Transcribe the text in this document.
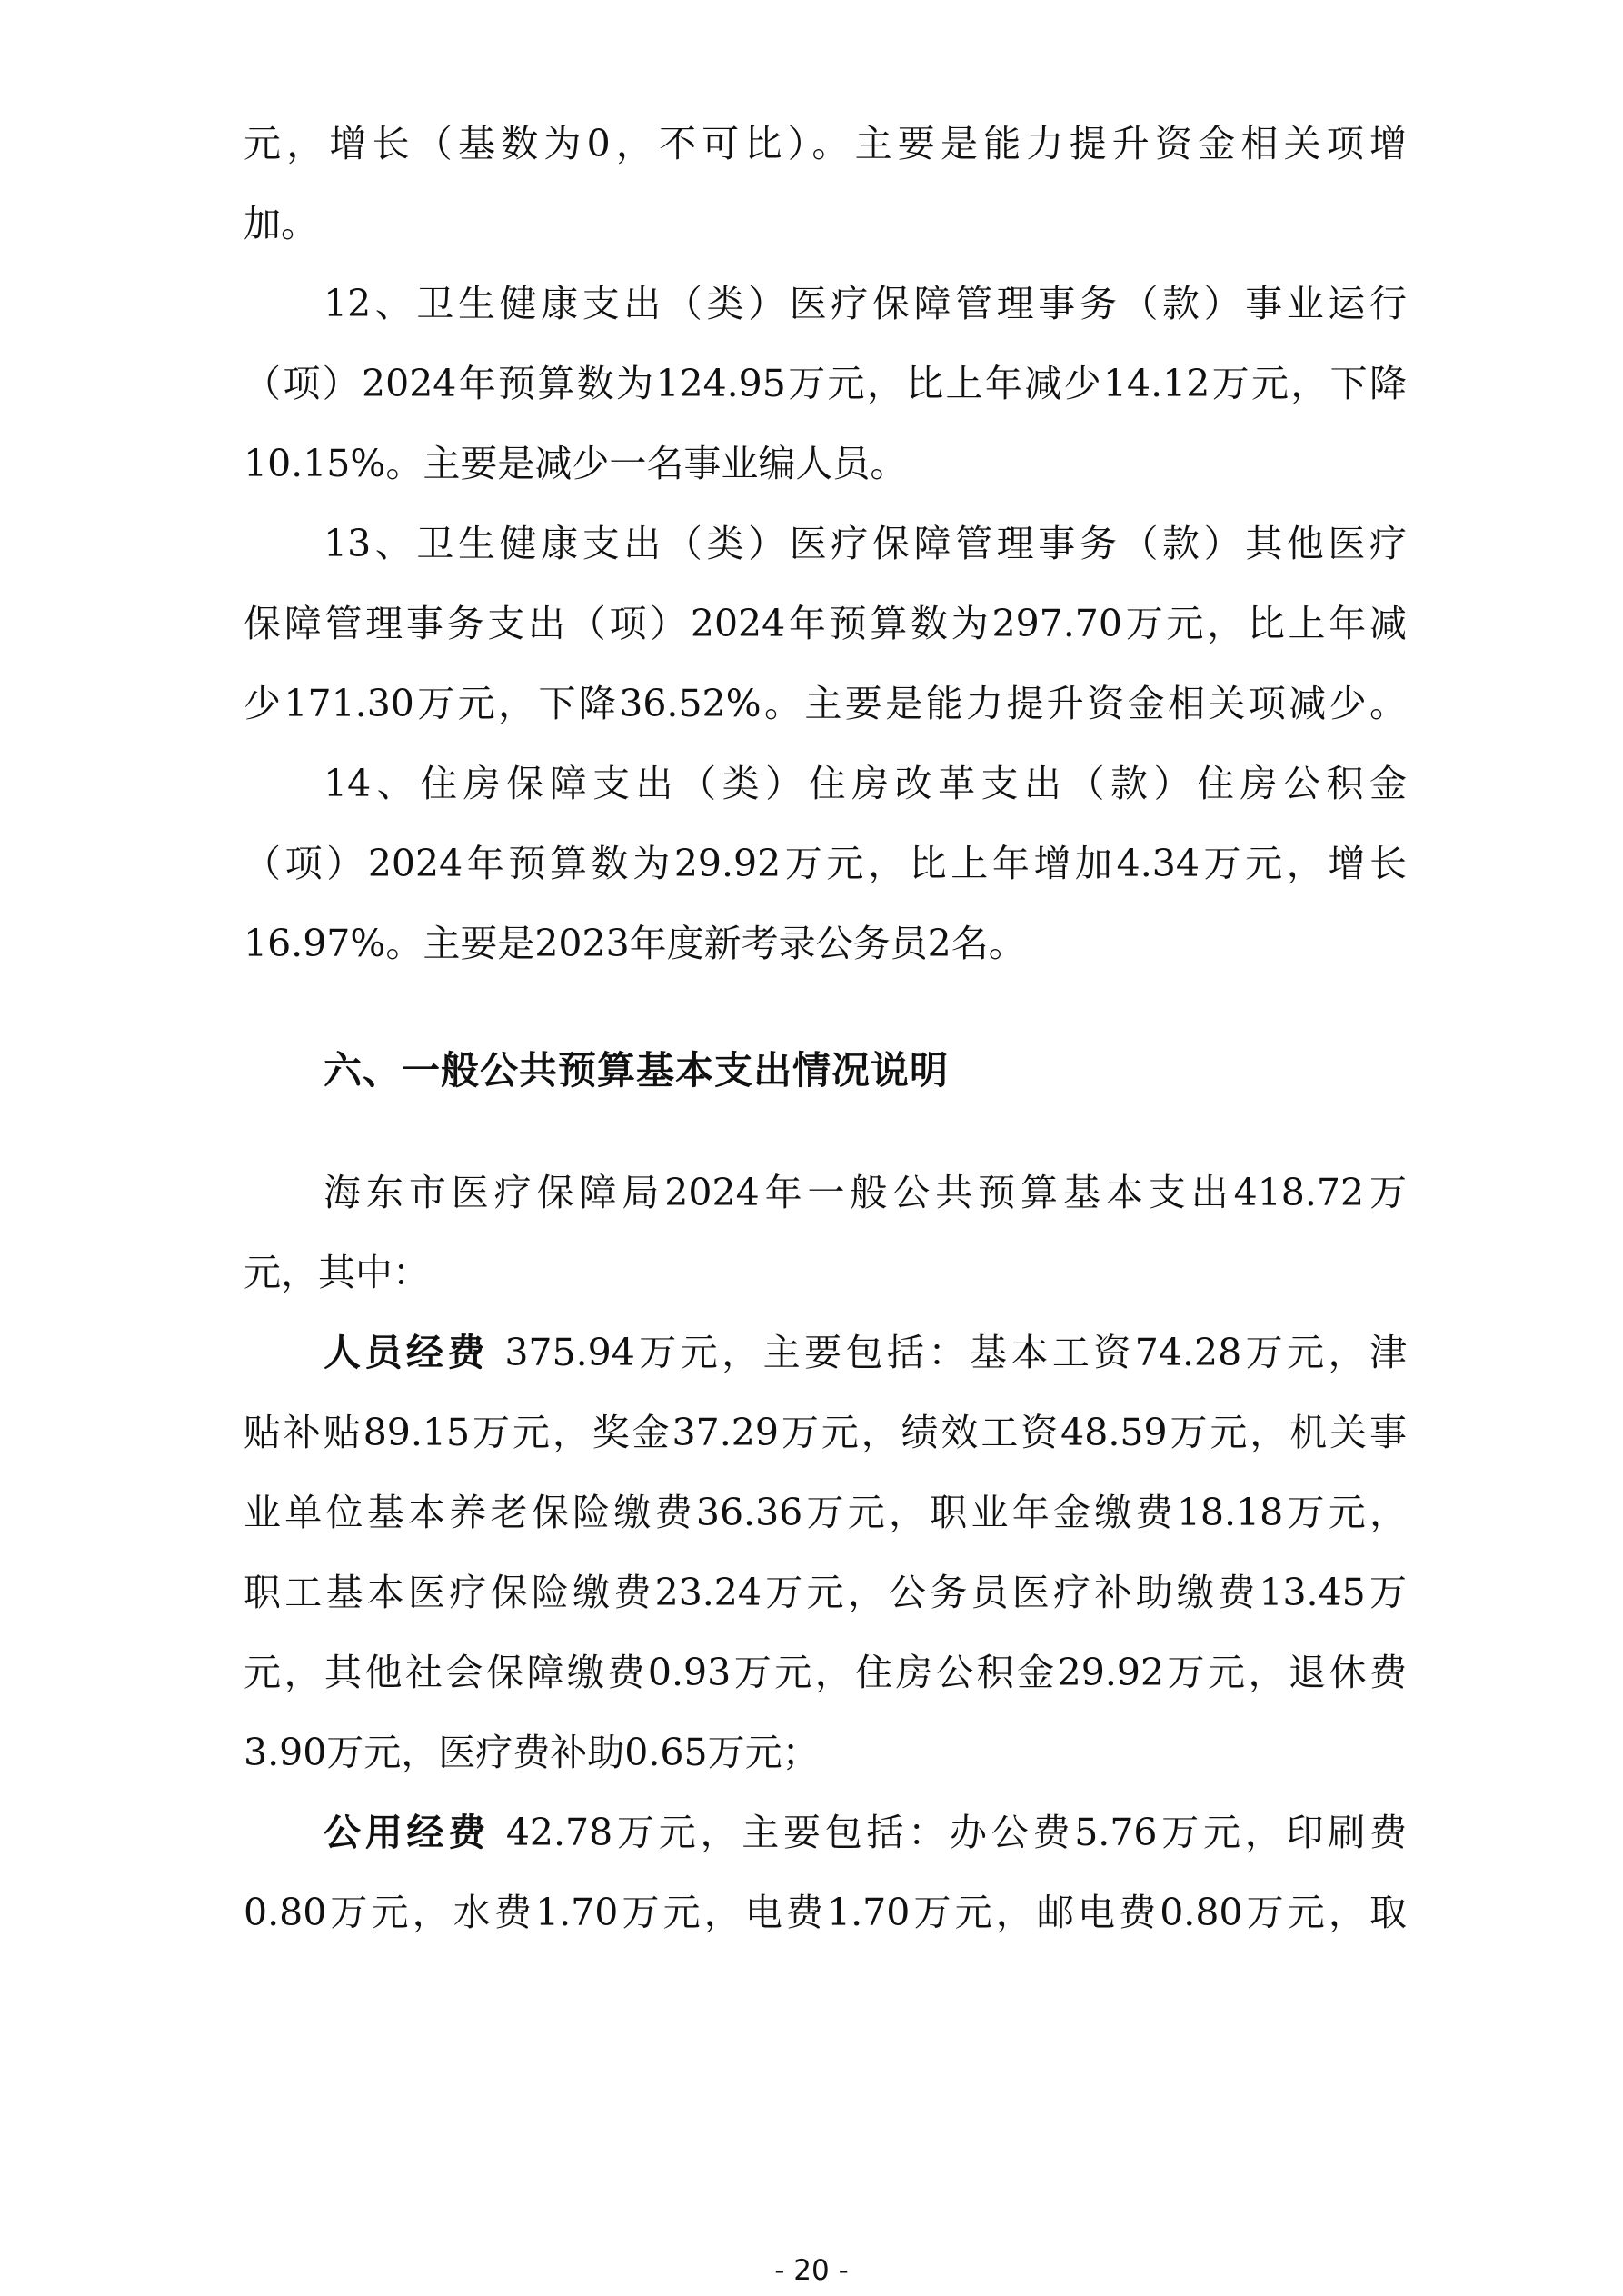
元，增长（基数为0，不可比）。主要是能力提升资金相关项增
加。
12、卫生健康支出（类）医疗保障管理事务（款）事业运行
（项）2024年预算数为124.95万元，比上年减少14.12万元，下降
10.15%。主要是减少一名事业编人员。
13、卫生健康支出（类）医疗保障管理事务（款）其他医疗
保障管理事务支出（项）2024年预算数为297.70万元，比上年减
少171.30万元，下降36.52%。主要是能力提升资金相关项减少。
14、住房保障支出（类）住房改革支出（款）住房公积金
（项）2024年预算数为29.92万元，比上年增加4.34万元，增长
16.97%。主要是2023年度新考录公务员2名。
六、一般公共预算基本支出情况说明
海东市医疗保障局2024年一般公共预算基本支出418.72万
元，其中：
人员经费 375.94万元，主要包括：基本工资74.28万元，津
贴补贴89.15万元，奖金37.29万元，绩效工资48.59万元，机关事
业单位基本养老保险缴费36.36万元，职业年金缴费18.18万元，
职工基本医疗保险缴费23.24万元，公务员医疗补助缴费13.45万
元，其他社会保障缴费0.93万元，住房公积金29.92万元，退休费
3.90万元，医疗费补助0.65万元；
公用经费 42.78万元，主要包括：办公费5.76万元，印刷费
0.80万元，水费1.70万元，电费1.70万元，邮电费0.80万元，取
- 20 -
